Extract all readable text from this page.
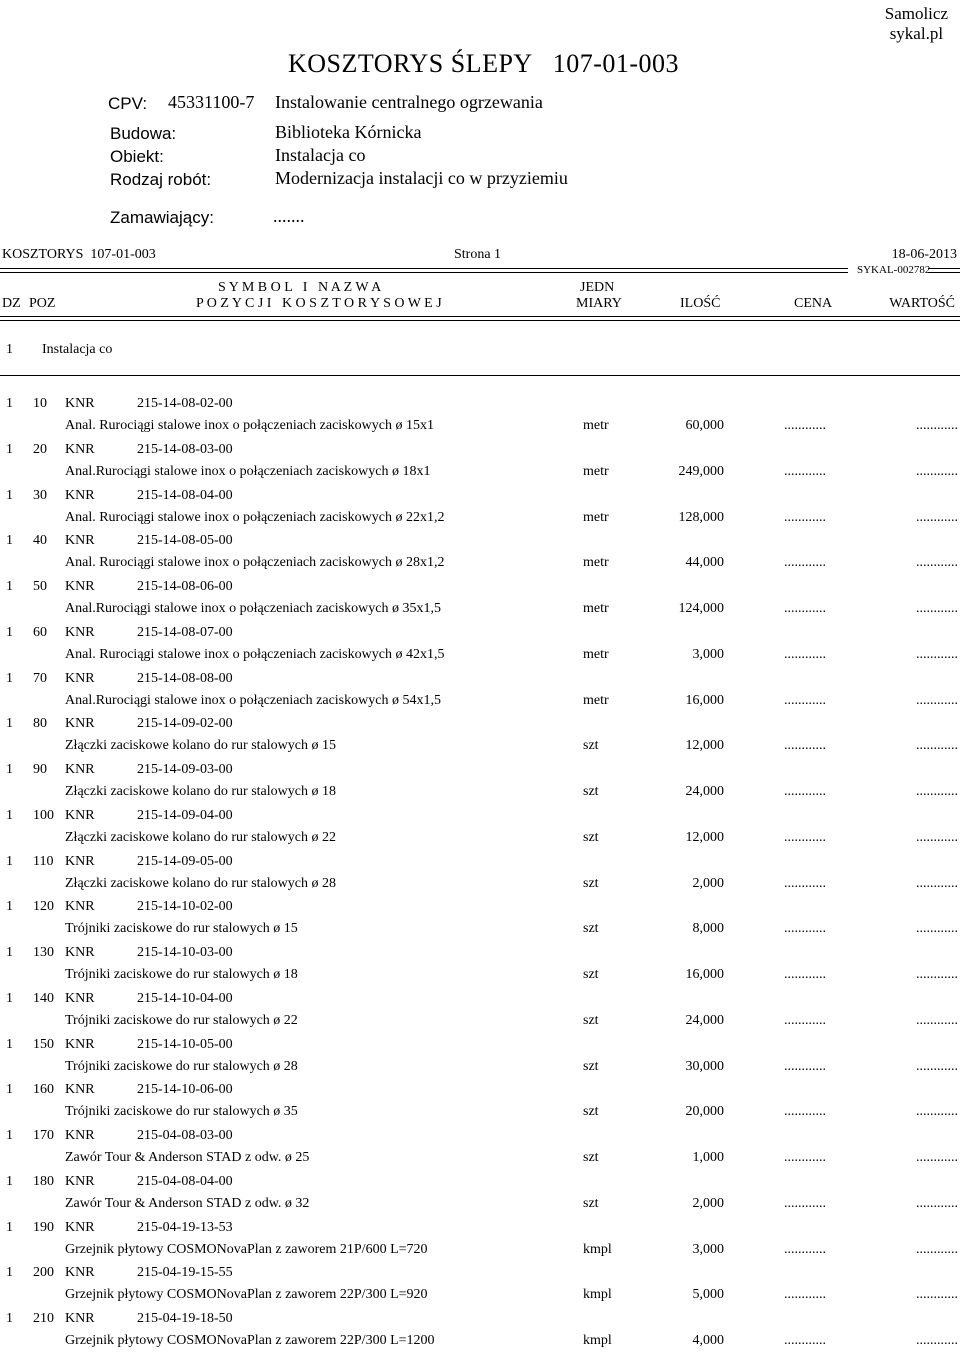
Samolicz
sykal.pl
KOSZTORYS ŚLEPY   107-01-003
CPV: 45331100-7 Instalowanie centralnego ogrzewania
Budowa:	Biblioteka Kórnicka
Obiekt:	Instalacja co
Rodzaj robót:	Modernizacja instalacji co w przyziemiu
Zamawiający:	.......
KOSZTORYS  107-01-003	Strona 1	18-06-2013
SYKAL-002782
S Y M B O L   I   N A Z W A	JEDN
DZ POZ	P O Z Y C J I   K O S Z T O R Y S O W E J	MIARY	ILOŚĆ	CENA	WARTOŚĆ
1 Instalacja co
1 10 KNR	215-14-08-02-00
Anal. Rurociągi stalowe inox o połączeniach zaciskowych ø 15x1	metr	60,000	............	............
1 20 KNR	215-14-08-03-00
Anal.Rurociągi stalowe inox o połączeniach zaciskowych ø 18x1	metr	249,000	............	............
1 30 KNR	215-14-08-04-00
Anal. Rurociągi stalowe inox o połączeniach zaciskowych ø 22x1,2	metr	128,000	............	............
1 40 KNR	215-14-08-05-00
Anal. Rurociągi stalowe inox o połączeniach zaciskowych ø 28x1,2	metr	44,000	............	............
1 50 KNR	215-14-08-06-00
Anal.Rurociągi stalowe inox o połączeniach zaciskowych ø 35x1,5	metr	124,000	............	............
1 60 KNR	215-14-08-07-00
Anal. Rurociągi stalowe inox o połączeniach zaciskowych ø 42x1,5	metr	3,000	............	............
1 70 KNR	215-14-08-08-00
Anal.Rurociągi stalowe inox o połączeniach zaciskowych ø 54x1,5	metr	16,000	............	............
1 80 KNR	215-14-09-02-00
Złączki zaciskowe kolano do rur stalowych ø 15	szt	12,000	............	............
1 90 KNR	215-14-09-03-00
Złączki zaciskowe kolano do rur stalowych ø 18	szt	24,000	............	............
1 100 KNR	215-14-09-04-00
Złączki zaciskowe kolano do rur stalowych ø 22	szt	12,000	............	............
1 110 KNR	215-14-09-05-00
Złączki zaciskowe kolano do rur stalowych ø 28	szt	2,000	............	............
1 120 KNR	215-14-10-02-00
Trójniki zaciskowe do rur stalowych ø 15	szt	8,000	............	............
1 130 KNR	215-14-10-03-00
Trójniki zaciskowe do rur stalowych ø 18	szt	16,000	............	............
1 140 KNR	215-14-10-04-00
Trójniki zaciskowe do rur stalowych ø 22	szt	24,000	............	............
1 150 KNR	215-14-10-05-00
Trójniki zaciskowe do rur stalowych ø 28	szt	30,000	............	............
1 160 KNR	215-14-10-06-00
Trójniki zaciskowe do rur stalowych ø 35	szt	20,000	............	............
1 170 KNR	215-04-08-03-00
Zawór Tour & Anderson STAD z odw. ø 25	szt	1,000	............	............
1 180 KNR	215-04-08-04-00
Zawór Tour & Anderson STAD z odw. ø 32	szt	2,000	............	............
1 190 KNR	215-04-19-13-53
Grzejnik płytowy COSMONovaPlan z zaworem 21P/600 L=720	kmpl	3,000	............	............
1 200 KNR	215-04-19-15-55
Grzejnik płytowy COSMONovaPlan z zaworem 22P/300 L=920	kmpl	5,000	............	............
1 210 KNR	215-04-19-18-50
Grzejnik płytowy COSMONovaPlan z zaworem 22P/300 L=1200	kmpl	4,000	............	............
